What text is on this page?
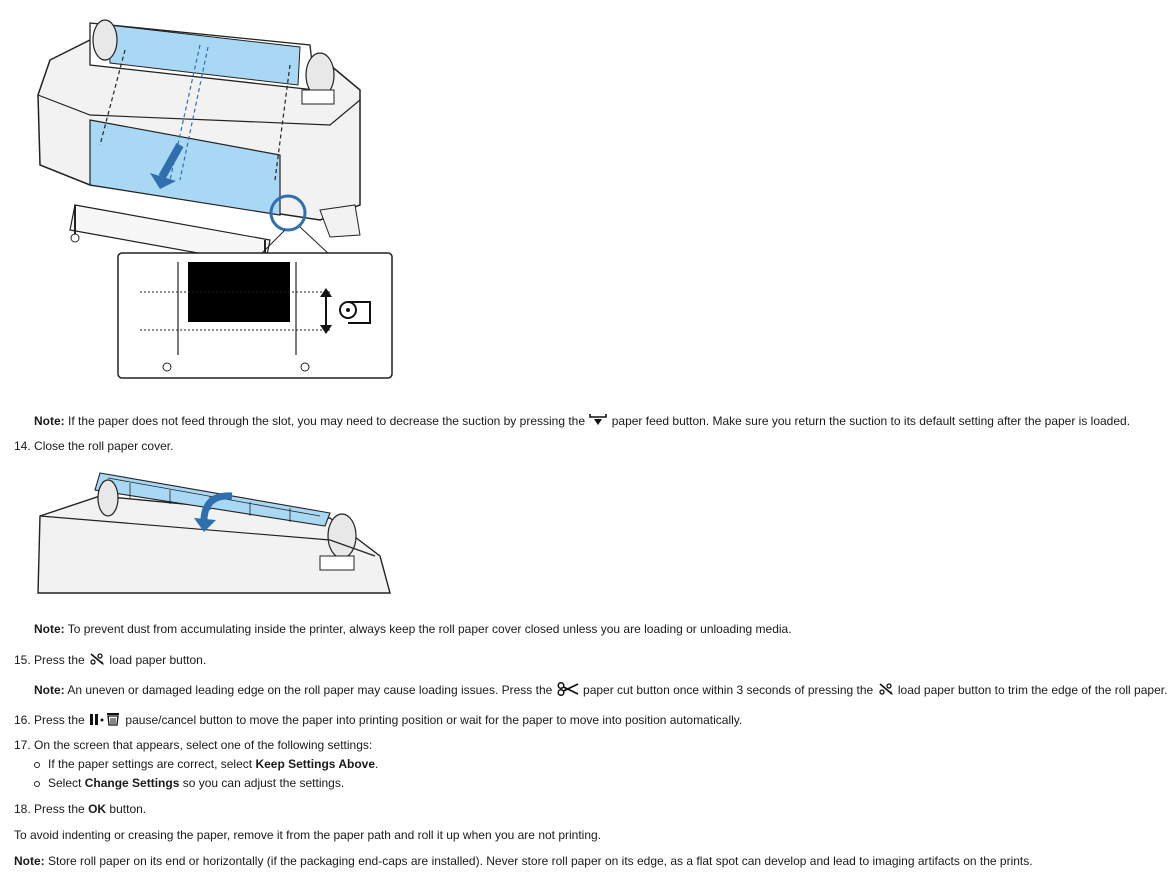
Note: If the paper does not feed through the slot, you may need to decrease the suction by pressing the paper feed button. Make sure you return the suction to its default setting after the paper is loaded.
14. Close the roll paper cover.
Note: To prevent dust from accumulating inside the printer, always keep the roll paper cover closed unless you are loading or unloading media.
15. Press the load paper button.
Note: An uneven or damaged leading edge on the roll paper may cause loading issues. Press the	paper cut button once within 3 seconds of pressing the load paper button to trim the edge of the roll paper.
16. Press the	pause/cancel button to move the paper into printing position or wait for the paper to move into position automatically.
17. On the screen that appears, select one of the following settings:
If the paper settings are correct, select Keep Settings Above.
Select Change Settings so you can adjust the settings.
18. Press the OK button.
To avoid indenting or creasing the paper, remove it from the paper path and roll it up when you are not printing.
Note: Store roll paper on its end or horizontally (if the packaging end-caps are installed). Never store roll paper on its edge, as a flat spot can develop and lead to imaging artifacts on the prints.
